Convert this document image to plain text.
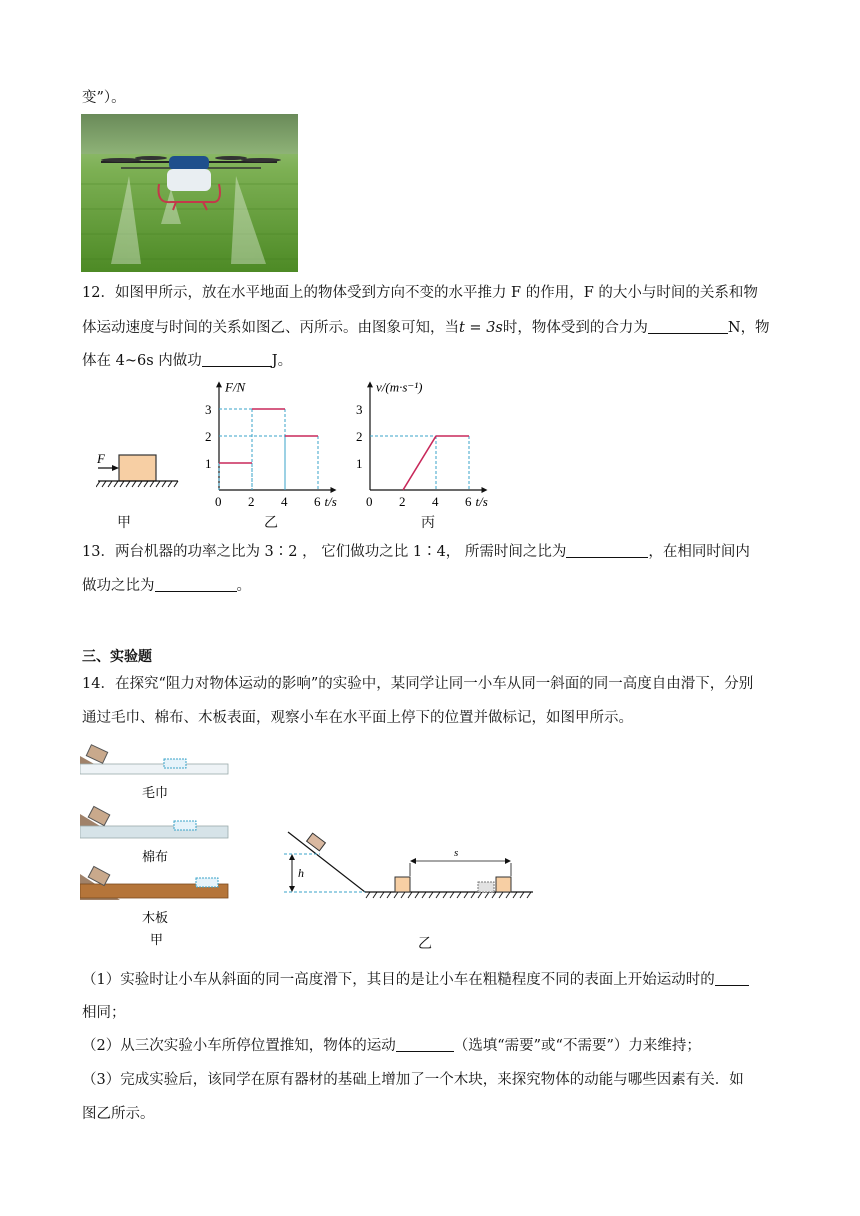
变”）。
12．如图甲所示，放在水平地面上的物体受到方向不变的水平推力 F 的作用，F 的大小与时间的关系和物
体运动速度与时间的关系如图乙、丙所示。由图象可知，当t = 3s时，物体受到的合力为	N，物
体在 4~6s 内做功	J。
F
甲
F/N
t/s
0 2 4 6
1
2
3
乙
v/(m·s⁻¹)
t/s
0 2 4 6
1
2
3
丙
13．两台机器的功率之比为 3∶2 ， 它们做功之比 1∶4， 所需时间之比为	，在相同时间内
做功之比为	。
三、实验题
14．在探究“阻力对物体运动的影响”的实验中，某同学让同一小车从同一斜面的同一高度自由滑下，分别
通过毛巾、棉布、木板表面，观察小车在水平面上停下的位置并做标记，如图甲所示。
毛巾
棉布
木板
甲
h
s
乙
（1）实验时让小车从斜面的同一高度滑下，其目的是让小车在粗糙程度不同的表面上开始运动时的
相同；
（2）从三次实验小车所停位置推知，物体的运动	（选填“需要”或“不需要”）力来维持；
（3）完成实验后，该同学在原有器材的基础上增加了一个木块，来探究物体的动能与哪些因素有关．如
图乙所示。
